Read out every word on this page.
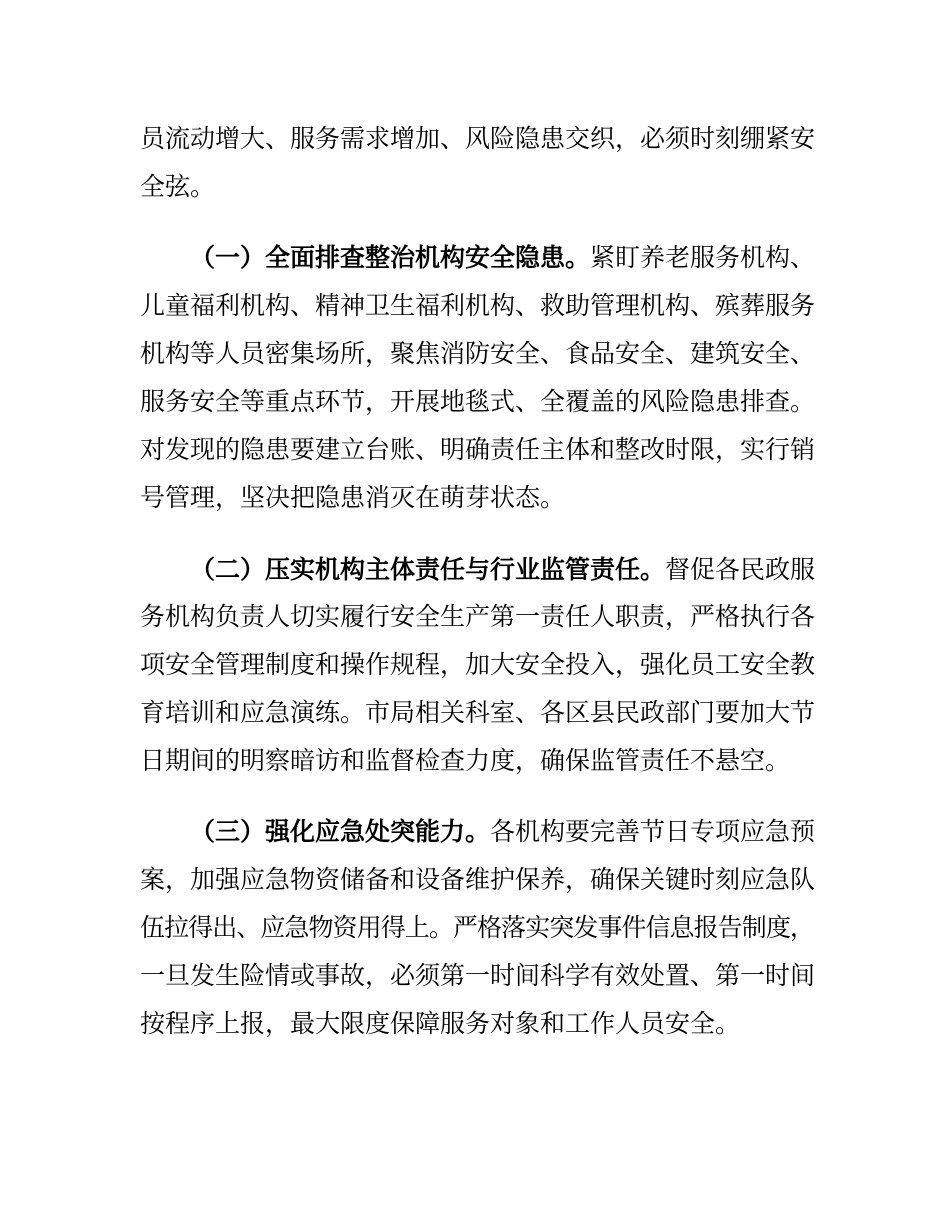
员流动增大、服务需求增加、风险隐患交织，必须时刻绷紧安
全弦。
（一）全面排查整治机构安全隐患。紧盯养老服务机构、
儿童福利机构、精神卫生福利机构、救助管理机构、殡葬服务
机构等人员密集场所，聚焦消防安全、食品安全、建筑安全、
服务安全等重点环节，开展地毯式、全覆盖的风险隐患排查。
对发现的隐患要建立台账、明确责任主体和整改时限，实行销
号管理，坚决把隐患消灭在萌芽状态。
（二）压实机构主体责任与行业监管责任。督促各民政服
务机构负责人切实履行安全生产第一责任人职责，严格执行各
项安全管理制度和操作规程，加大安全投入，强化员工安全教
育培训和应急演练。市局相关科室、各区县民政部门要加大节
日期间的明察暗访和监督检查力度，确保监管责任不悬空。
（三）强化应急处突能力。各机构要完善节日专项应急预
案，加强应急物资储备和设备维护保养，确保关键时刻应急队
伍拉得出、应急物资用得上。严格落实突发事件信息报告制度，
一旦发生险情或事故，必须第一时间科学有效处置、第一时间
按程序上报，最大限度保障服务对象和工作人员安全。
